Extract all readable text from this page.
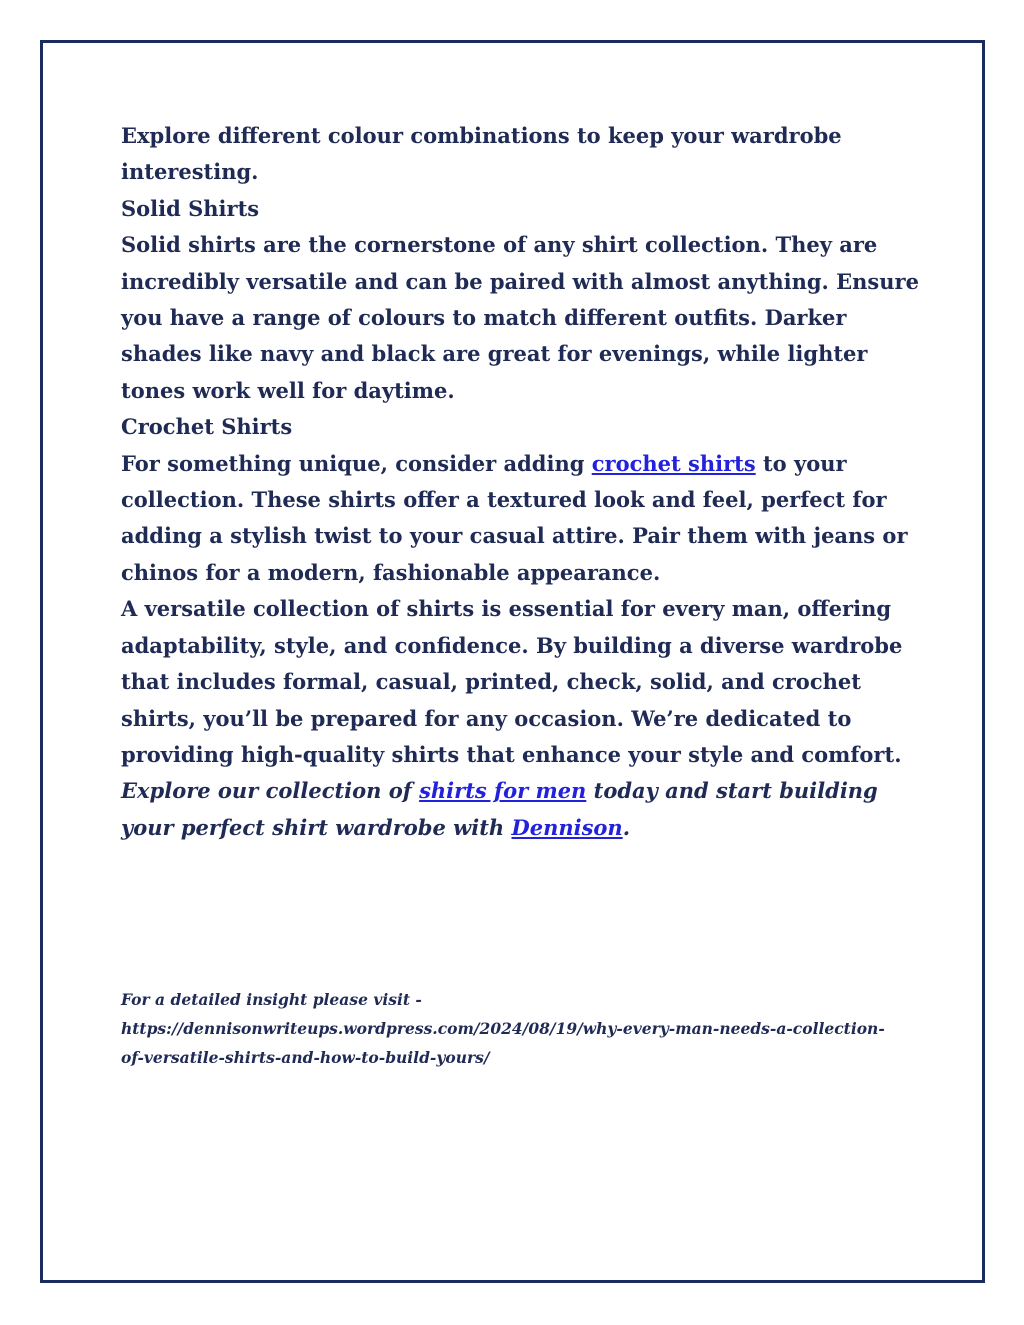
Explore different colour combinations to keep your wardrobe interesting.

Solid Shirts

Solid shirts are the cornerstone of any shirt collection. They are incredibly versatile and can be paired with almost anything. Ensure you have a range of colours to match different outfits. Darker shades like navy and black are great for evenings, while lighter tones work well for daytime.

Crochet Shirts

For something unique, consider adding crochet shirts to your collection. These shirts offer a textured look and feel, perfect for adding a stylish twist to your casual attire. Pair them with jeans or chinos for a modern, fashionable appearance.

A versatile collection of shirts is essential for every man, offering adaptability, style, and confidence. By building a diverse wardrobe that includes formal, casual, printed, check, solid, and crochet shirts, you’ll be prepared for any occasion. We’re dedicated to providing high-quality shirts that enhance your style and comfort.

Explore our collection of shirts for men today and start building your perfect shirt wardrobe with Dennison.

For a detailed insight please visit - https://dennisonwriteups.wordpress.com/2024/08/19/why-every-man-needs-a-collection-of-versatile-shirts-and-how-to-build-yours/
